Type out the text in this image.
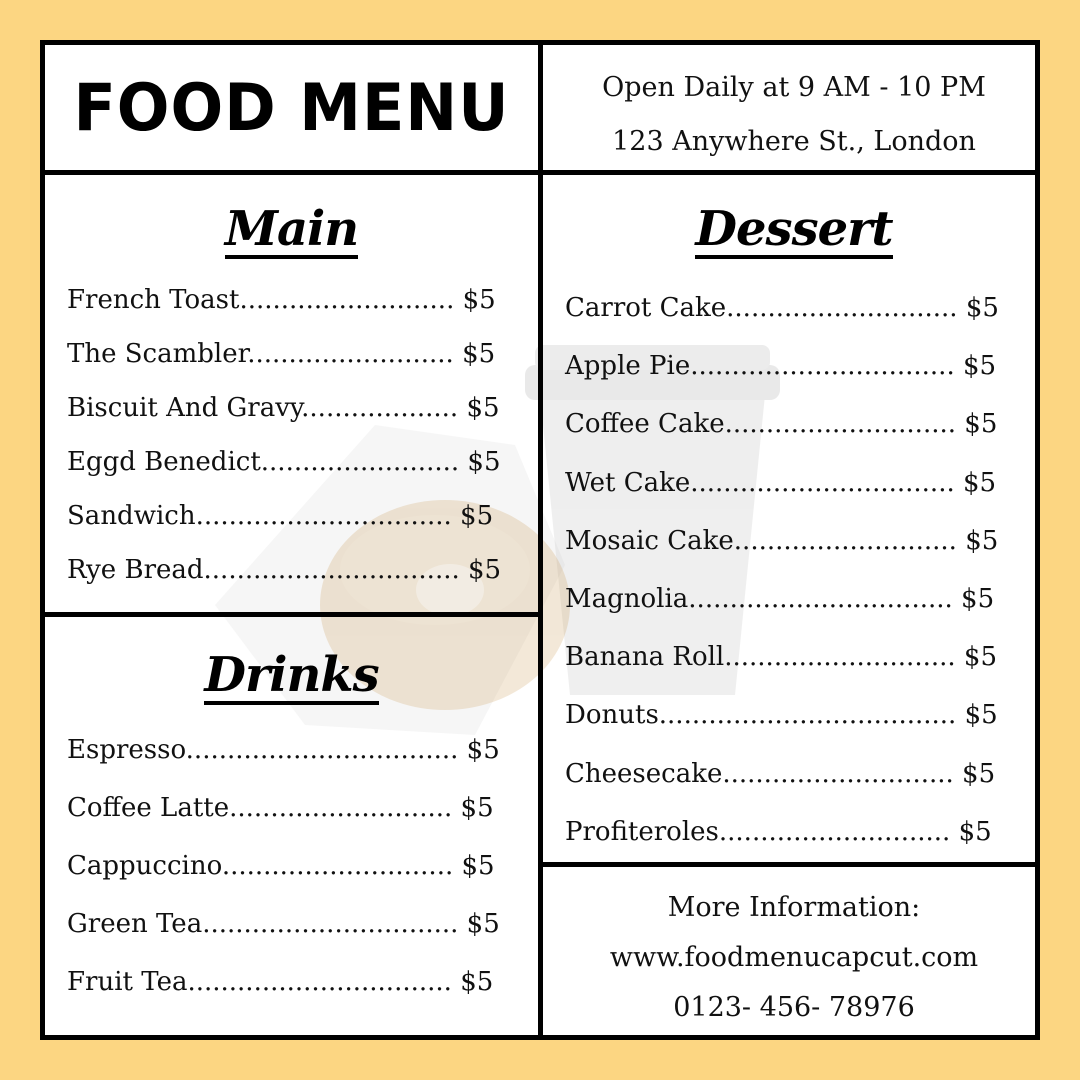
FOOD MENU	Open Daily at 9 AM - 10 PM
123 Anywhere St., London
Main
French Toast.......................... $5
The Scambler......................... $5
Biscuit And Gravy................... $5
Eggd Benedict........................ $5
Sandwich............................... $5
Rye Bread............................... $5
Drinks
Espresso................................. $5
Coffee Latte........................... $5
Cappuccino............................ $5
Green Tea............................... $5
Fruit Tea................................ $5
Dessert
Carrot Cake............................ $5
Apple Pie................................ $5
Coffee Cake............................ $5
Wet Cake................................ $5
Mosaic Cake........................... $5
Magnolia................................ $5
Banana Roll............................ $5
Donuts.................................... $5
Cheesecake............................ $5
Profiteroles............................ $5
More Information:
www.foodmenucapcut.com
0123- 456- 78976
